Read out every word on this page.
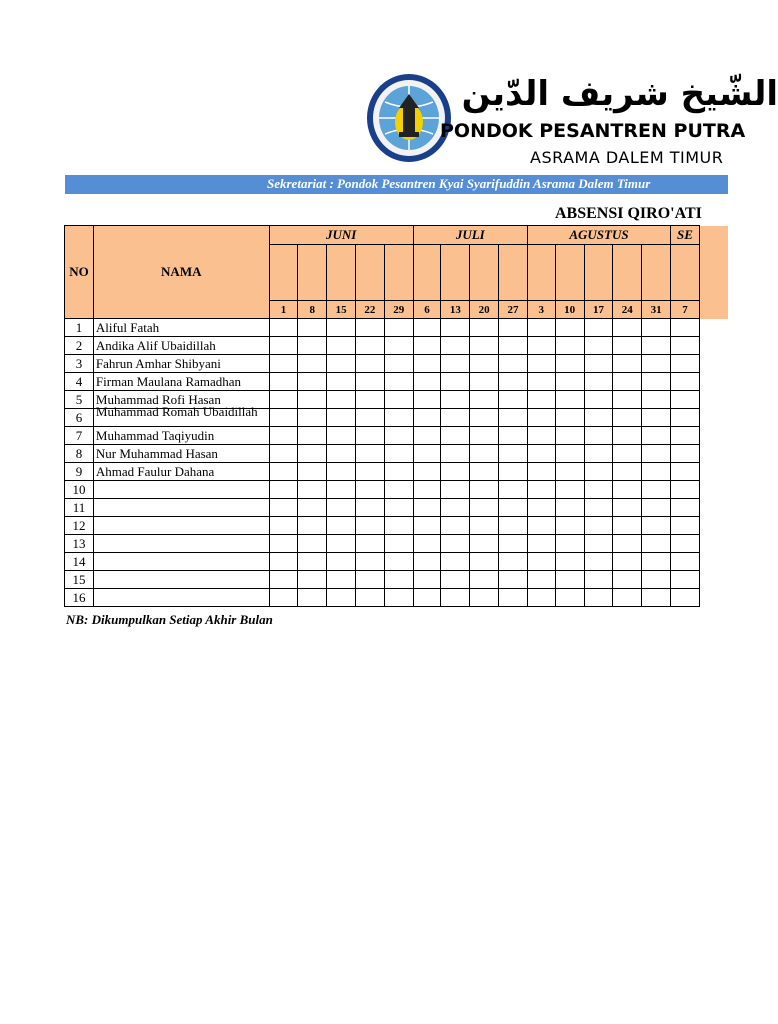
الشّيخ شريف الدّين
PONDOK PESANTREN PUTRA
ASRAMA DALEM TIMUR
Sekretariat : Pondok Pesantren Kyai Syarifuddin Asrama Dalem Timur
ABSENSI QIRO'ATI
NO	NAMA	JUNI					JULI				AGUSTUS					SE

		1	8	15	22	29	6	13	20	27	3	10	17	24	31	7
1	Aliful Fatah															
2	Andika Alif Ubaidillah															
3	Fahrun Amhar Shibyani															
4	Firman Maulana Ramadhan															
5	Muhammad Rofi Hasan															
6	Muhammad Romah Ubaidillah															

7	Muhammad Taqiyudin															
8	Nur Muhammad Hasan															
9	Ahmad Faulur Dahana															
10																
11																
12																
13																
14																
15																
16																
NB: Dikumpulkan Setiap Akhir Bulan
